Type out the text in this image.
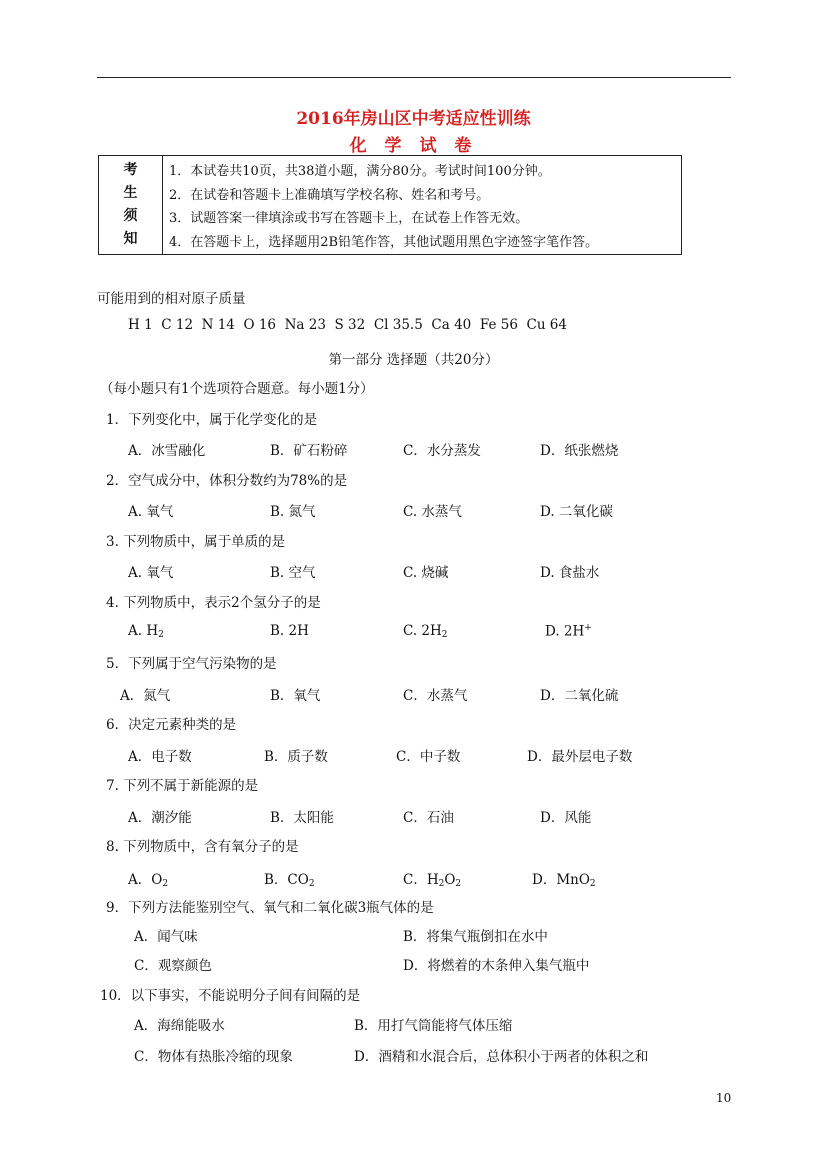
2016年房山区中考适应性训练
化 学 试 卷
考
生
须
知
1．本试卷共10页，共38道小题，满分80分。考试时间100分钟。
2．在试卷和答题卡上准确填写学校名称、姓名和考号。
3．试题答案一律填涂或书写在答题卡上，在试卷上作答无效。
4．在答题卡上，选择题用2B铅笔作答，其他试题用黑色字迹签字笔作答。
可能用到的相对原子质量
H 1  C 12  N 14  O 16  Na 23  S 32  Cl 35.5  Ca 40  Fe 56  Cu 64
第一部分 选择题（共20分）
（每小题只有1个选项符合题意。每小题1分）
1．下列变化中，属于化学变化的是
A．冰雪融化	B．矿石粉碎	C．水分蒸发	D．纸张燃烧
2．空气成分中，体积分数约为78%的是
A. 氧气	B. 氮气	C. 水蒸气	D. 二氧化碳
3. 下列物质中，属于单质的是
A. 氧气	B. 空气	C. 烧碱	D. 食盐水
4. 下列物质中，表示2个氢分子的是
A. $H_2$	B. 2H	C. $2H_2$	D. 2H+
5．下列属于空气污染物的是
A．氮气	B．氧气	C．水蒸气	D．二氧化硫
6．决定元素种类的是
A．电子数	B．质子数	C．中子数	D．最外层电子数
7. 下列不属于新能源的是
A．潮汐能	B．太阳能	C．石油	D．风能
8. 下列物质中，含有氧分子的是
A．$O_2$	B．$CO_2$	C．$H_2O_2$	D．MnO$_2$
9．下列方法能鉴别空气、氧气和二氧化碳3瓶气体的是
A．闻气味	B．将集气瓶倒扣在水中
C．观察颜色	D．将燃着的木条伸入集气瓶中
10．以下事实，不能说明分子间有间隔的是
A．海绵能吸水	B．用打气筒能将气体压缩
C．物体有热胀冷缩的现象	D．酒精和水混合后，总体积小于两者的体积之和
10
